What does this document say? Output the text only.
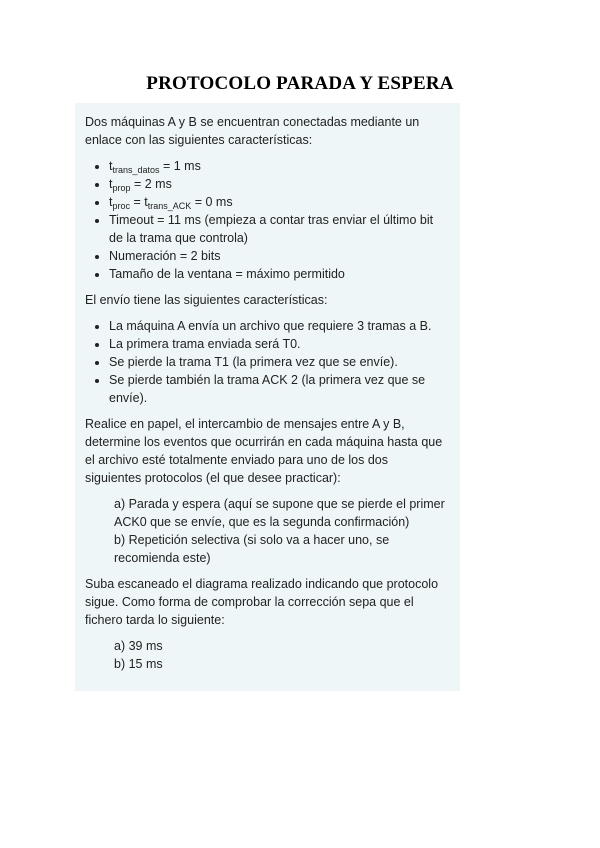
PROTOCOLO PARADA Y ESPERA

Dos máquinas A y B se encuentran conectadas mediante un enlace con las siguientes características:

• $t_{trans\_datos} = 1$ ms
• $t_{prop} = 2$ ms
• $t_{proc} = t_{trans\_ACK} = 0$ ms
• Timeout = 11 ms (empieza a contar tras enviar el último bit de la trama que controla)
• Numeración = 2 bits
• Tamaño de la ventana = máximo permitido

El envío tiene las siguientes características:

• La máquina A envía un archivo que requiere 3 tramas a B.
• La primera trama enviada será T0.
• Se pierde la trama T1 (la primera vez que se envíe).
• Se pierde también la trama ACK 2 (la primera vez que se envíe).

Realice en papel, el intercambio de mensajes entre A y B, determine los eventos que ocurrirán en cada máquina hasta que el archivo esté totalmente enviado para uno de los dos siguientes protocolos (el que desee practicar):

a) Parada y espera (aquí se supone que se pierde el primer ACK0 que se envíe, que es la segunda confirmación)
b) Repetición selectiva (si solo va a hacer uno, se recomienda este)

Suba escaneado el diagrama realizado indicando que protocolo sigue. Como forma de comprobar la corrección sepa que el fichero tarda lo siguiente:

a) 39 ms
b) 15 ms
